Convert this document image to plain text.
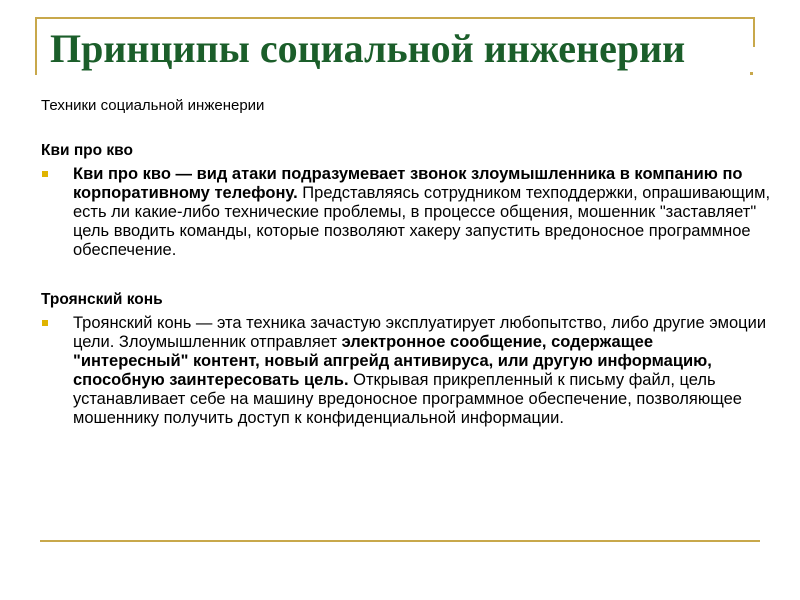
Принципы социальной инженерии

Техники социальной инженерии

Кви про кво

Кви про кво — вид атаки подразумевает звонок злоумышленника в компанию по корпоративному телефону. Представляясь сотрудником техподдержки, опрашивающим, есть ли какие-либо технические проблемы, в процессе общения, мошенник "заставляет" цель вводить команды, которые позволяют хакеру запустить вредоносное программное обеспечение.

Троянский конь

Троянский конь — эта техника зачастую эксплуатирует любопытство, либо другие эмоции цели. Злоумышленник отправляет электронное сообщение, содержащее "интересный" контент, новый апгрейд антивируса, или другую информацию, способную заинтересовать цель. Открывая прикрепленный к письму файл, цель устанавливает себе на машину вредоносное программное обеспечение, позволяющее мошеннику получить доступ к конфиденциальной информации.
